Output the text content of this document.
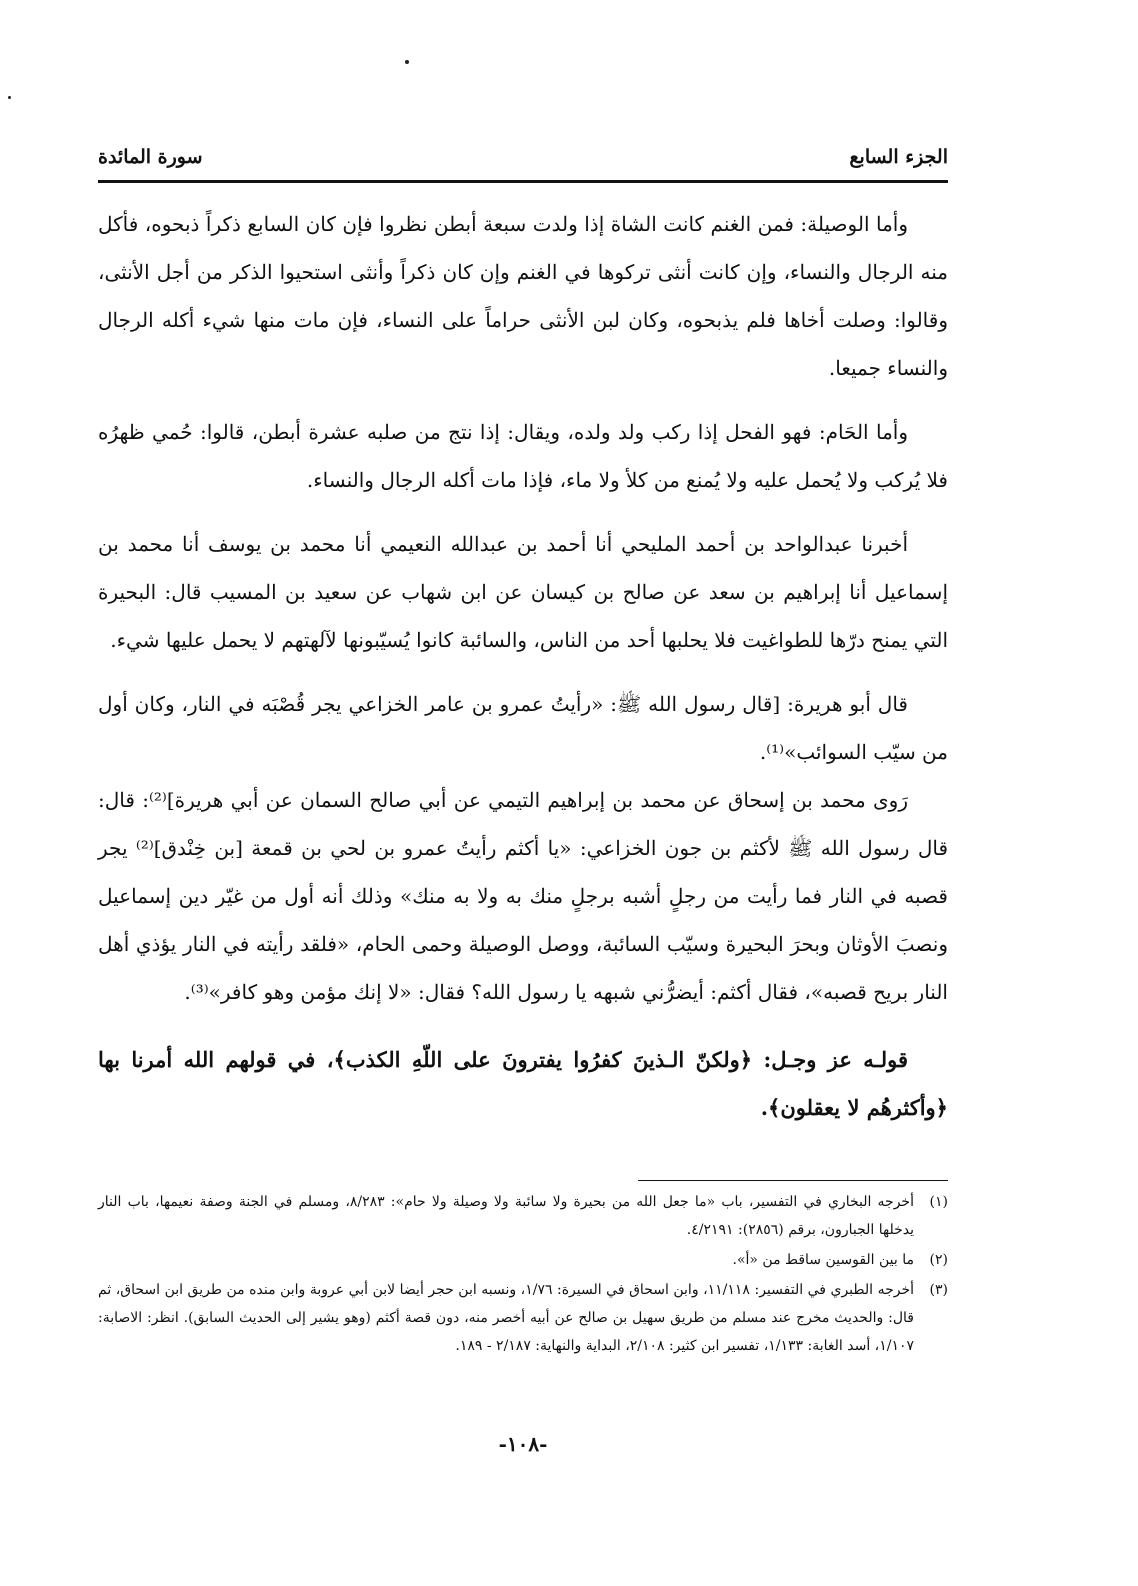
الجزء السابع
سورة المائدة

وأما الوصيلة: فمن الغنم كانت الشاة إذا ولدت سبعة أبطن نظروا فإن كان السابع ذكراً ذبحوه، فأكل منه الرجال والنساء، وإن كانت أنثى تركوها في الغنم وإن كان ذكراً وأنثى استحيوا الذكر من أجل الأنثى، وقالوا: وصلت أخاها فلم يذبحوه، وكان لبن الأنثى حراماً على النساء، فإن مات منها شيء أكله الرجال والنساء جميعا.

وأما الحَام: فهو الفحل إذا ركب ولد ولده، ويقال: إذا نتج من صلبه عشرة أبطن، قالوا: حُمي ظهرُه فلا يُركب ولا يُحمل عليه ولا يُمنع من كلأ ولا ماء، فإذا مات أكله الرجال والنساء.

أخبرنا عبدالواحد بن أحمد المليحي أنا أحمد بن عبدالله النعيمي أنا محمد بن يوسف أنا محمد بن إسماعيل أنا إبراهيم بن سعد عن صالح بن كيسان عن ابن شهاب عن سعيد بن المسيب قال: البحيرة التي يمنح درّها للطواغيت فلا يحلبها أحد من الناس، والسائبة كانوا يُسيّبونها لآلهتهم لا يحمل عليها شيء.

قال أبو هريرة: [قال رسول الله ﷺ: «رأيتُ عمرو بن عامر الخزاعي يجر قُصْبَه في النار، وكان أول من سيّب السوائب»⁽¹⁾.

رَوى محمد بن إسحاق عن محمد بن إبراهيم التيمي عن أبي صالح السمان عن أبي هريرة]⁽²⁾: قال: قال رسول الله ﷺ لأكثم بن جون الخزاعي: «يا أكثم رأيتُ عمرو بن لحي بن قمعة [بن خِنْدق]⁽²⁾ يجر قصبه في النار فما رأيت من رجلٍ أشبه برجلٍ منك به ولا به منك» وذلك أنه أول من غيّر دين إسماعيل ونصبَ الأوثان وبحرَ البحيرة وسيّب السائبة، ووصل الوصيلة وحمى الحام، «فلقد رأيته في النار يؤذي أهل النار بريح قصبه»، فقال أكثم: أيضرُّني شبهه يا رسول الله؟ فقال: «لا إنك مؤمن وهو كافر»⁽³⁾.

قولـه عز وجـل: ﴿ولكنّ الـذينَ كفرُوا يفترونَ على اللّهِ الكذب﴾، في قولهم الله أمرنا بها ﴿وأكثرهُم لا يعقلون﴾.

(١)
أخرجه البخاري في التفسير، باب «ما جعل الله من بحيرة ولا سائبة ولا وصيلة ولا حام»: ٨/٢٨٣، ومسلم في الجنة وصفة نعيمها، باب النار يدخلها الجبارون، برقم (٢٨٥٦): ٤/٢١٩١.
(٢)
ما بين القوسين ساقط من «أ».
(٣)
أخرجه الطبري في التفسير: ١١/١١٨، وابن اسحاق في السيرة: ١/٧٦، ونسبه ابن حجر أيضا لابن أبي عروبة وابن منده من طريق ابن اسحاق، ثم قال: والحديث مخرج عند مسلم من طريق سهيل بن صالح عن أبيه أخصر منه، دون قصة أكثم (وهو يشير إلى الحديث السابق). انظر: الاصابة: ١/١٠٧، أسد الغابة: ١/١٣٣، تفسير ابن كثير: ٢/١٠٨، البداية والنهاية: ٢/١٨٧ - ١٨٩.
-١٠٨-
